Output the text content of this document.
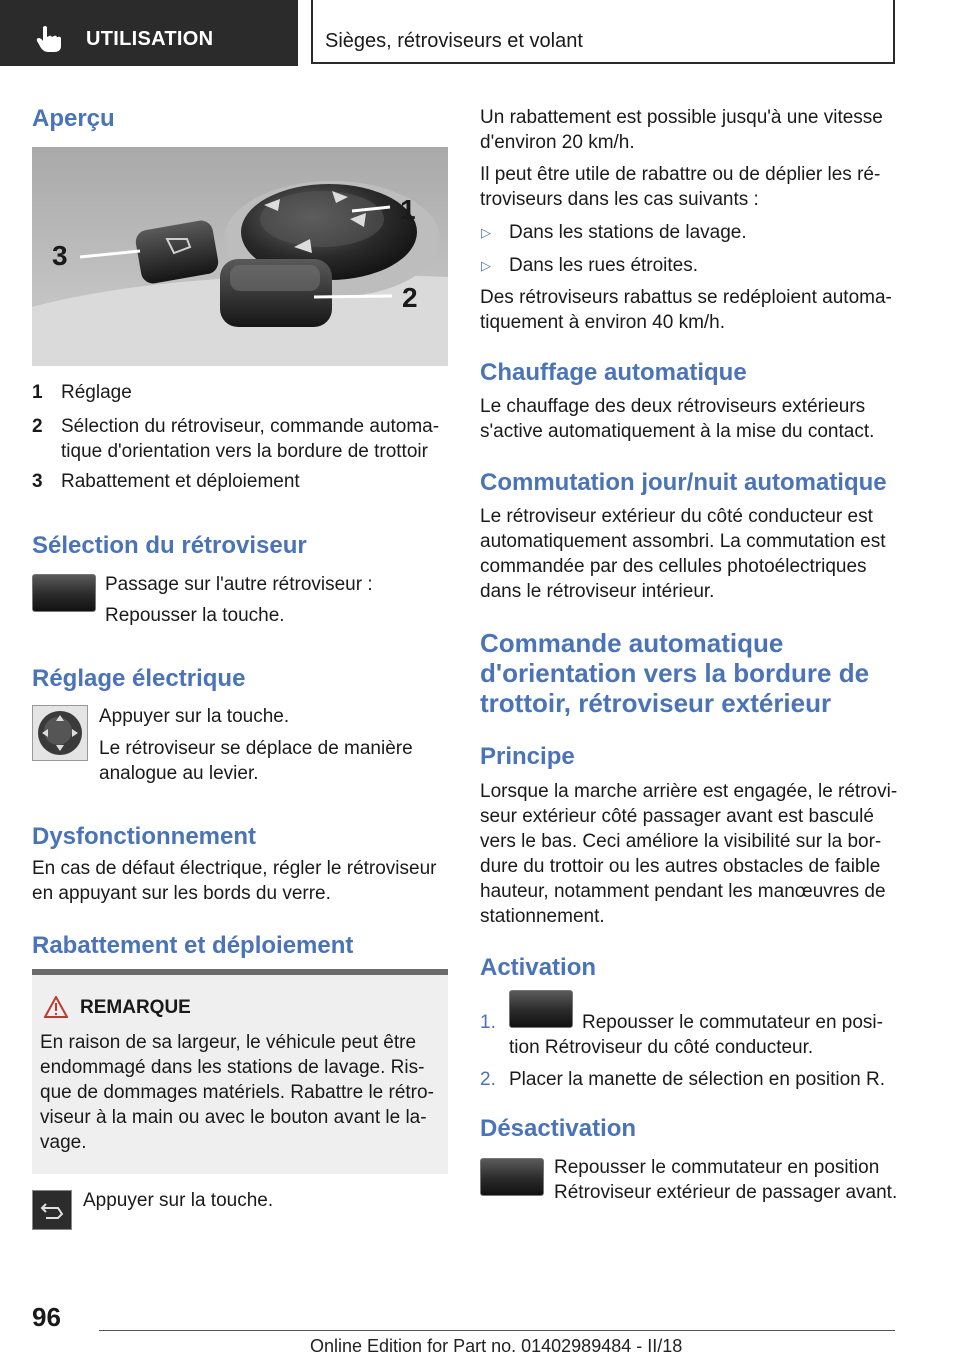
UTILISATION	Sièges, rétroviseurs et volant
Aperçu
3
1
2
1 Réglage
2 Sélection du rétroviseur, commande automa-
tique d'orientation vers la bordure de trottoir
3 Rabattement et déploiement
Sélection du rétroviseur
Passage sur l'autre rétroviseur :
Repousser la touche.
Réglage électrique
Appuyer sur la touche.
Le rétroviseur se déplace de manière
analogue au levier.
Dysfonctionnement
En cas de défaut électrique, régler le rétroviseur
en appuyant sur les bords du verre.
Rabattement et déploiement
REMARQUE
En raison de sa largeur, le véhicule peut être
endommagé dans les stations de lavage. Ris-
que de dommages matériels. Rabattre le rétro-
viseur à la main ou avec le bouton avant le la-
vage.
Appuyer sur la touche.
Un rabattement est possible jusqu'à une vitesse
d'environ 20 km/h.
Il peut être utile de rabattre ou de déplier les ré-
troviseurs dans les cas suivants :
▷ Dans les stations de lavage.
▷ Dans les rues étroites.
Des rétroviseurs rabattus se redéploient automa-
tiquement à environ 40 km/h.
Chauffage automatique
Le chauffage des deux rétroviseurs extérieurs
s'active automatiquement à la mise du contact.
Commutation jour/nuit automatique
Le rétroviseur extérieur du côté conducteur est
automatiquement assombri. La commutation est
commandée par des cellules photoélectriques
dans le rétroviseur intérieur.
Commande automatique
d'orientation vers la bordure de
trottoir, rétroviseur extérieur
Principe
Lorsque la marche arrière est engagée, le rétrovi-
seur extérieur côté passager avant est basculé
vers le bas. Ceci améliore la visibilité sur la bor-
dure du trottoir ou les autres obstacles de faible
hauteur, notamment pendant les manœuvres de
stationnement.
Activation
1.	Repousser le commutateur en posi-
tion Rétroviseur du côté conducteur.
2. Placer la manette de sélection en position R.
Désactivation
Repousser le commutateur en position
Rétroviseur extérieur de passager avant.
96
Online Edition for Part no. 01402989484 - II/18
